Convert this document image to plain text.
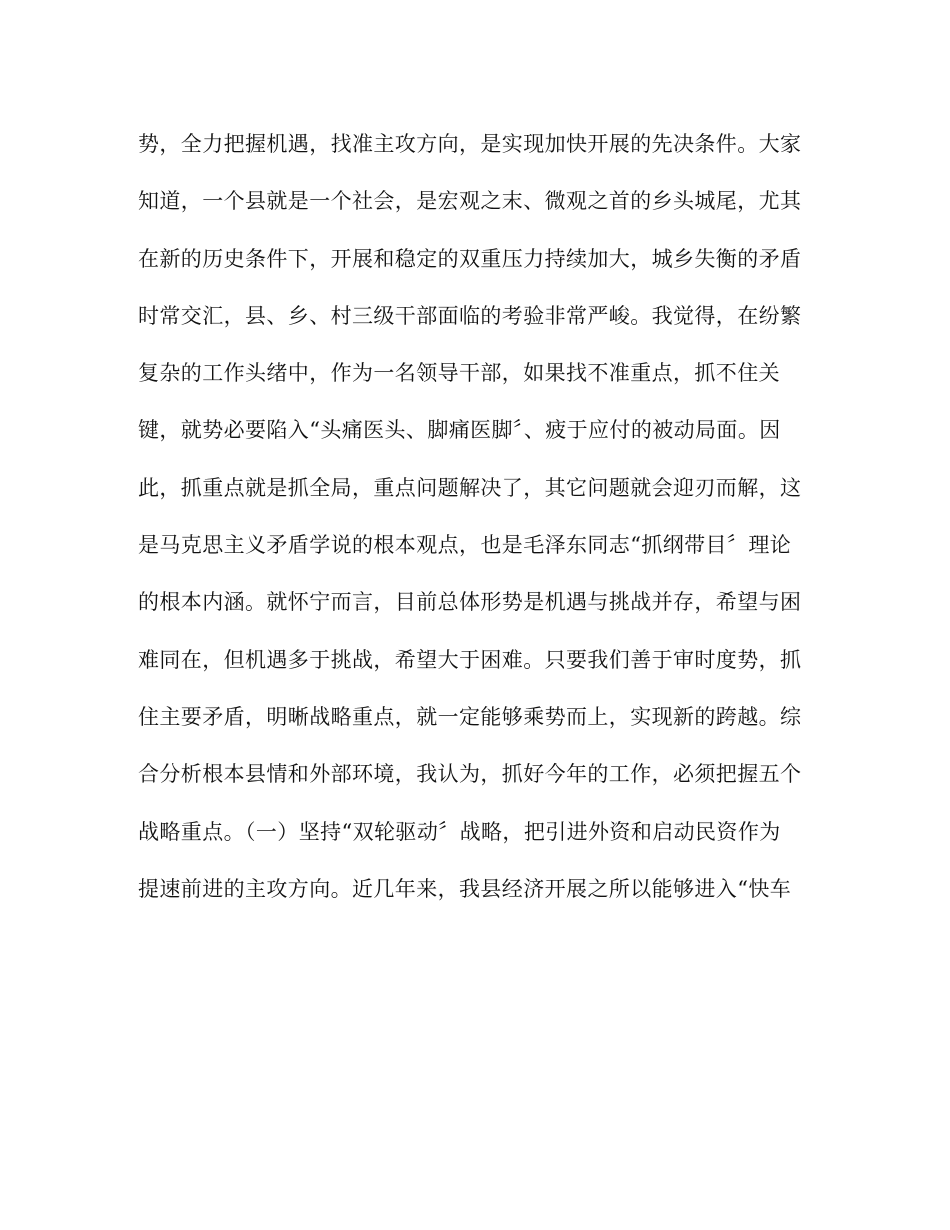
势，全力把握机遇，找准主攻方向，是实现加快开展的先决条件。大家
知道，一个县就是一个社会，是宏观之末、微观之首的乡头城尾，尤其
在新的历史条件下，开展和稳定的双重压力持续加大，城乡失衡的矛盾
时常交汇，县、乡、村三级干部面临的考验非常严峻。我觉得，在纷繁
复杂的工作头绪中，作为一名领导干部，如果找不准重点，抓不住关
键，就势必要陷入“头痛医头、脚痛医脚〞、疲于应付的被动局面。因
此，抓重点就是抓全局，重点问题解决了，其它问题就会迎刃而解，这
是马克思主义矛盾学说的根本观点，也是毛泽东同志“抓纲带目〞理论
的根本内涵。就怀宁而言，目前总体形势是机遇与挑战并存，希望与困
难同在，但机遇多于挑战，希望大于困难。只要我们善于审时度势，抓
住主要矛盾，明晰战略重点，就一定能够乘势而上，实现新的跨越。综
合分析根本县情和外部环境，我认为，抓好今年的工作，必须把握五个
战略重点。（一）坚持“双轮驱动〞战略，把引进外资和启动民资作为
提速前进的主攻方向。近几年来，我县经济开展之所以能够进入“快车
